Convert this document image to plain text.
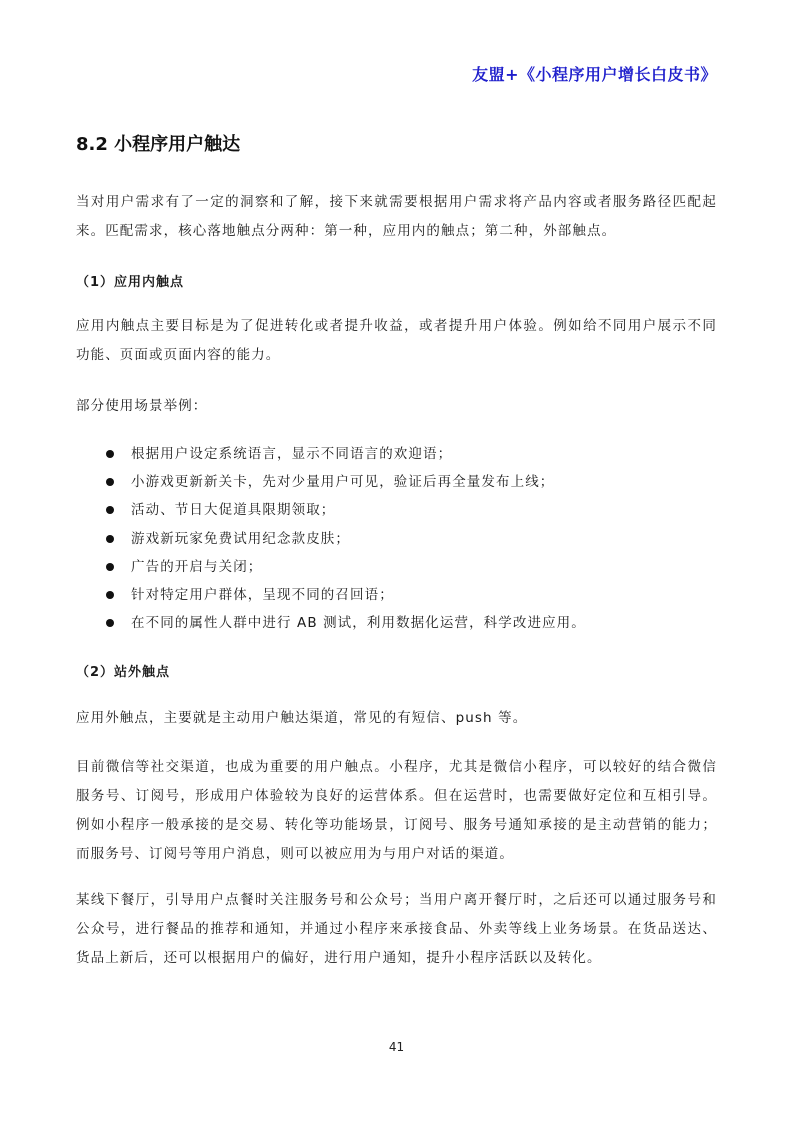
友盟+《小程序用户增长白皮书》
8.2 小程序用户触达

当对用户需求有了一定的洞察和了解，接下来就需要根据用户需求将产品内容或者服务路径匹配起来。匹配需求，核心落地触点分两种：第一种，应用内的触点；第二种，外部触点。

（1）应用内触点

应用内触点主要目标是为了促进转化或者提升收益，或者提升用户体验。例如给不同用户展示不同功能、页面或页面内容的能力。

部分使用场景举例：

根据用户设定系统语言，显示不同语言的欢迎语；
小游戏更新新关卡，先对少量用户可见，验证后再全量发布上线；
活动、节日大促道具限期领取；
游戏新玩家免费试用纪念款皮肤；
广告的开启与关闭；
针对特定用户群体，呈现不同的召回语；
在不同的属性人群中进行 AB 测试，利用数据化运营，科学改进应用。
（2）站外触点

应用外触点，主要就是主动用户触达渠道，常见的有短信、push 等。

目前微信等社交渠道，也成为重要的用户触点。小程序，尤其是微信小程序，可以较好的结合微信服务号、订阅号，形成用户体验较为良好的运营体系。但在运营时，也需要做好定位和互相引导。例如小程序一般承接的是交易、转化等功能场景，订阅号、服务号通知承接的是主动营销的能力；而服务号、订阅号等用户消息，则可以被应用为与用户对话的渠道。

某线下餐厅，引导用户点餐时关注服务号和公众号；当用户离开餐厅时，之后还可以通过服务号和公众号，进行餐品的推荐和通知，并通过小程序来承接食品、外卖等线上业务场景。在货品送达、货品上新后，还可以根据用户的偏好，进行用户通知，提升小程序活跃以及转化。

41
